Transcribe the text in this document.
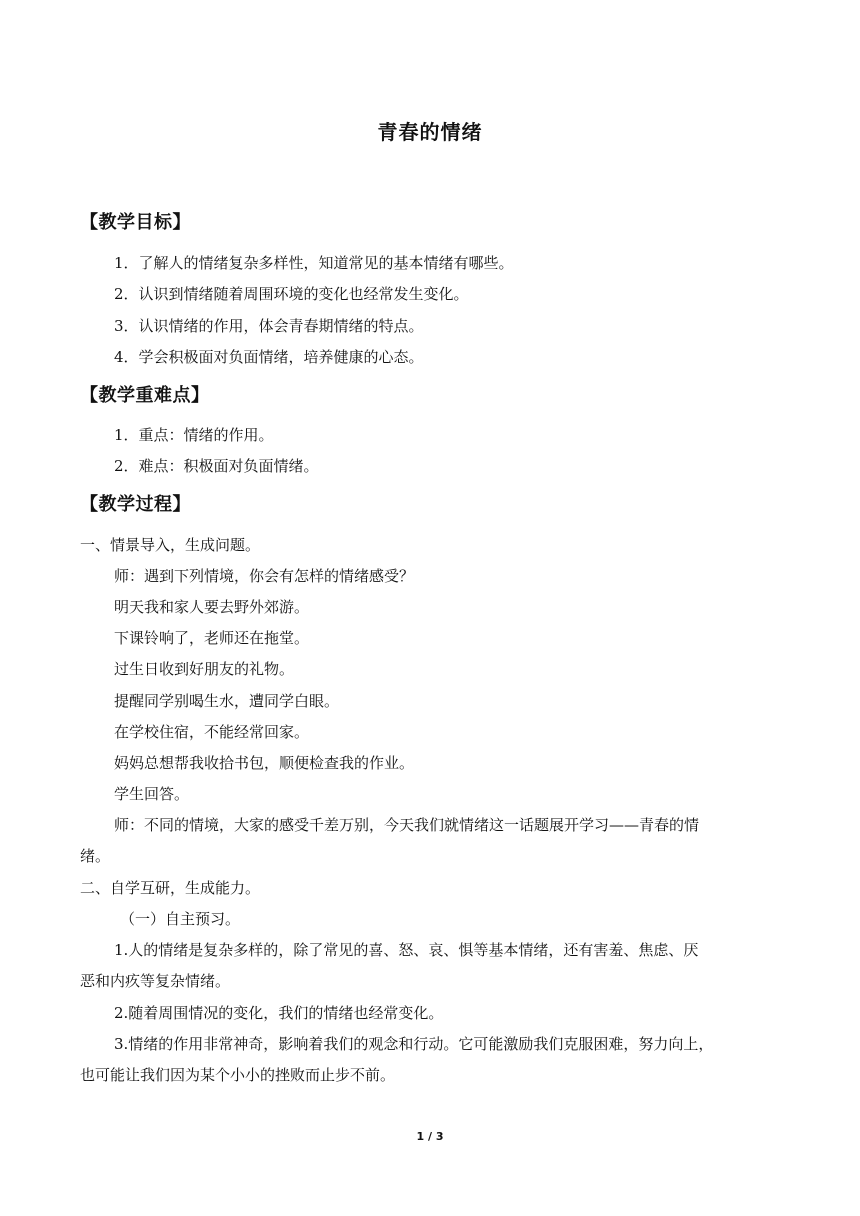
青春的情绪
【教学目标】
1．了解人的情绪复杂多样性，知道常见的基本情绪有哪些。
2．认识到情绪随着周围环境的变化也经常发生变化。
3．认识情绪的作用，体会青春期情绪的特点。
4．学会积极面对负面情绪，培养健康的心态。
【教学重难点】
1．重点：情绪的作用。
2．难点：积极面对负面情绪。
【教学过程】
一、情景导入，生成问题。
师：遇到下列情境，你会有怎样的情绪感受？
明天我和家人要去野外郊游。
下课铃响了，老师还在拖堂。
过生日收到好朋友的礼物。
提醒同学别喝生水，遭同学白眼。
在学校住宿，不能经常回家。
妈妈总想帮我收拾书包，顺便检查我的作业。
学生回答。
师：不同的情境，大家的感受千差万别，今天我们就情绪这一话题展开学习——青春的情
绪。
二、自学互研，生成能力。
（一）自主预习。
1.人的情绪是复杂多样的，除了常见的喜、怒、哀、惧等基本情绪，还有害羞、焦虑、厌
恶和内疚等复杂情绪。
2.随着周围情况的变化，我们的情绪也经常变化。
3.情绪的作用非常神奇，影响着我们的观念和行动。它可能激励我们克服困难，努力向上，
也可能让我们因为某个小小的挫败而止步不前。
1 / 3
